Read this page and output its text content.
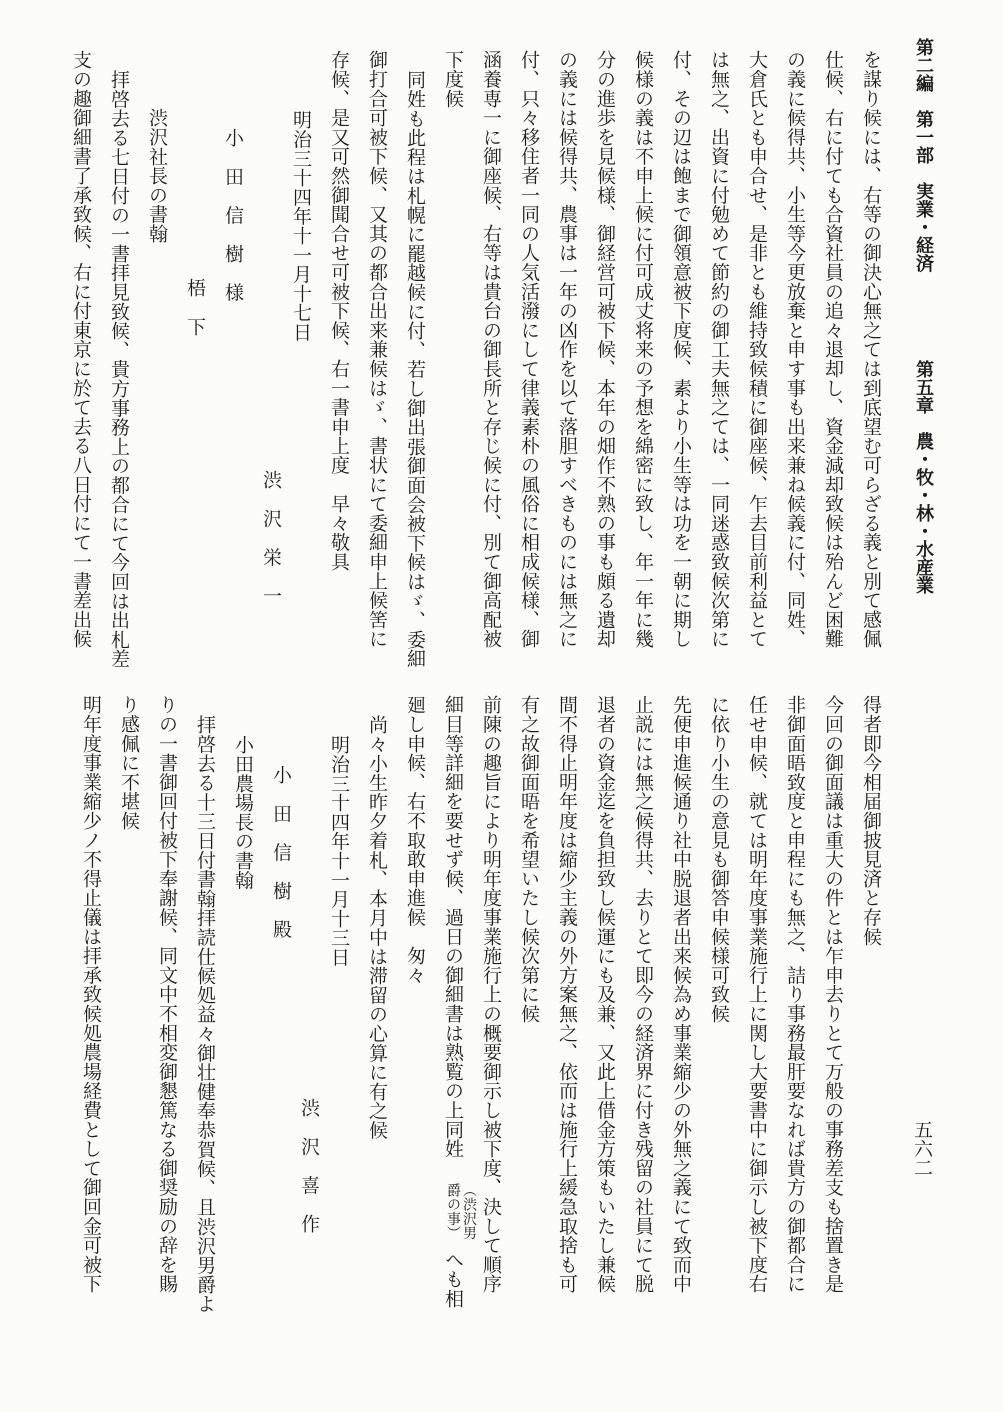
第二編　第一部　実業・経済
第五章　農・牧・林・水産業
五六二
を謀り候には、右等の御決心無之ては到底望む可らざる義と別て感佩
仕候、右に付ても合資社員の追々退却し、資金減却致候は殆んど困難
の義に候得共、小生等今更放棄と申す事も出来兼ね候義に付、同姓、
大倉氏とも申合せ、是非とも維持致候積に御座候、乍去目前利益とて
は無之、出資に付勉めて節約の御工夫無之ては、一同迷惑致候次第に
付、その辺は飽まで御領意被下度候、素より小生等は功を一朝に期し
候様の義は不申上候に付可成丈将来の予想を綿密に致し、年一年に幾
分の進歩を見候様、御経営可被下候、本年の畑作不熟の事も頗る遺却
の義には候得共、農事は一年の凶作を以て落胆すべきものには無之に
付、只々移住者一同の人気活潑にして律義素朴の風俗に相成候様、御
涵養専一に御座候、右等は貴台の御長所と存じ候に付、別て御高配被
下度候
同姓も此程は札幌に罷越候に付、若し御出張御面会被下候はゞ、委細
御打合可被下候、又其の都合出来兼候はゞ、書状にて委細申上候筈に
存候、是又可然御聞合せ可被下候、右一書申上度　早々敬具
明治三十四年十一月十七日
渋　沢　栄　一
小　田　信　樹　様
梧　下
渋沢社長の書翰
拝啓去る七日付の一書拝見致候、貴方事務上の都合にて今回は出札差
支の趣御細書了承致候、右に付東京に於て去る八日付にて一書差出候
得者即今相届御披見済と存候
今回の御面議は重大の件とは乍申去りとて万般の事務差支も捨置き是
非御面晤致度と申程にも無之、詰り事務最肝要なれば貴方の御都合に
任せ申候、就ては明年度事業施行上に関し大要書中に御示し被下度右
に依り小生の意見も御答申候様可致候
先便申進候通り社中脱退者出来候為め事業縮少の外無之義にて致而中
止説には無之候得共、去りとて即今の経済界に付き残留の社員にて脱
退者の資金迄を負担致し候運にも及兼、又此上借金方策もいたし兼候
間不得止明年度は縮少主義の外方案無之、依而は施行上緩急取捨も可
有之故御面晤を希望いたし候次第に候
前陳の趣旨により明年度事業施行上の概要御示し被下度、決して順序
細目等詳細を要せず候、過日の御細書は熟覧の上同姓
（渋沢男
爵の事）
へも相
廻し申候、右不取敢申進候　匆々
尚々小生昨夕着札、本月中は滞留の心算に有之候
明治三十四年十一月十三日
渋　沢　喜　作
小　田　信　樹　殿
小田農場長の書翰
拝啓去る十三日付書翰拝読仕候処益々御壮健奉恭賀候、且渋沢男爵よ
りの一書御回付被下奉謝候、同文中不相変御懇篤なる御奨励の辞を賜
り感佩に不堪候
明年度事業縮少ノ不得止儀は拝承致候処農場経費として御回金可被下
